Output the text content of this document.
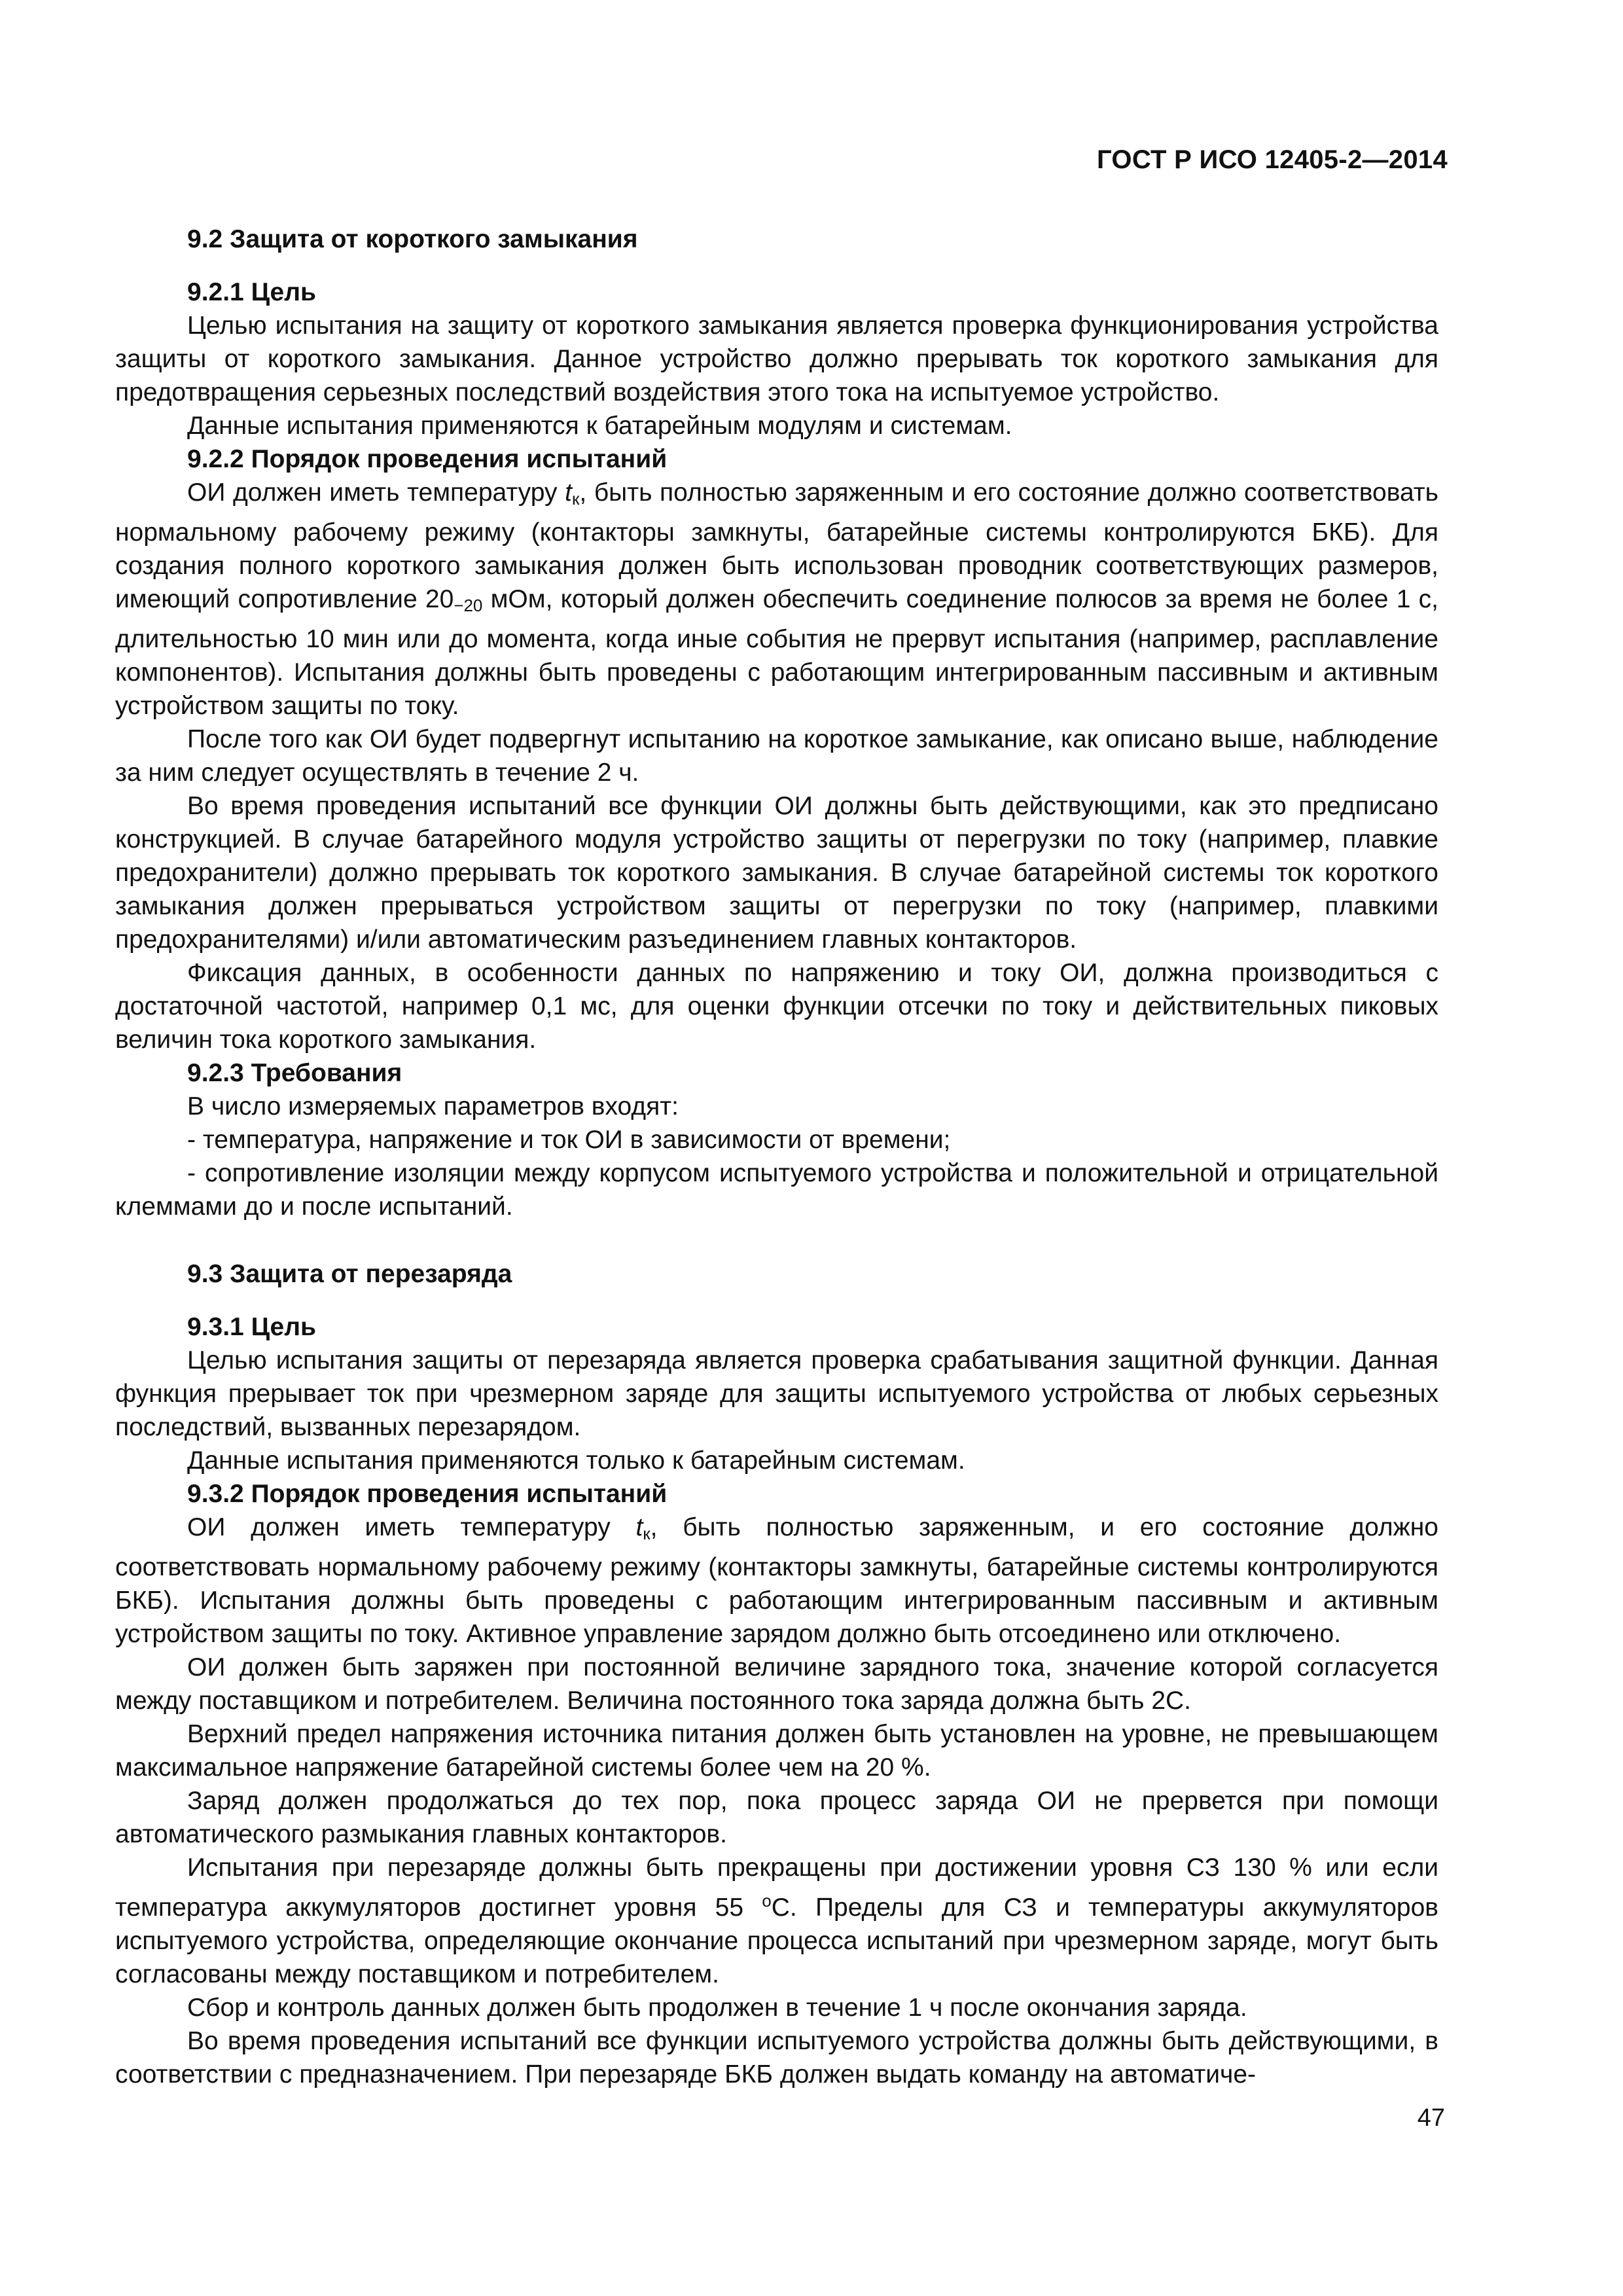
ГОСТ Р ИСО 12405-2—2014

9.2 Защита от короткого замыкания

9.2.1 Цель

Целью испытания на защиту от короткого замыкания является проверка функционирования устройства защиты от короткого замыкания. Данное устройство должно прерывать ток короткого замыкания для предотвращения серьезных последствий воздействия этого тока на испытуемое устройство.

Данные испытания применяются к батарейным модулям и системам.

9.2.2 Порядок проведения испытаний

ОИ должен иметь температуру $t_к$, быть полностью заряженным и его состояние должно соответствовать нормальному рабочему режиму (контакторы замкнуты, батарейные системы контролируются БКБ). Для создания полного короткого замыкания должен быть использован проводник соответствующих размеров, имеющий сопротивление $20_{-20}$ мОм, который должен обеспечить соединение полюсов за время не более 1 с, длительностью 10 мин или до момента, когда иные события не прервут испытания (например, расплавление компонентов). Испытания должны быть проведены с работающим интегрированным пассивным и активным устройством защиты по току.

После того как ОИ будет подвергнут испытанию на короткое замыкание, как описано выше, наблюдение за ним следует осуществлять в течение 2 ч.

Во время проведения испытаний все функции ОИ должны быть действующими, как это предписано конструкцией. В случае батарейного модуля устройство защиты от перегрузки по току (например, плавкие предохранители) должно прерывать ток короткого замыкания. В случае батарейной системы ток короткого замыкания должен прерываться устройством защиты от перегрузки по току (например, плавкими предохранителями) и/или автоматическим разъединением главных контакторов.

Фиксация данных, в особенности данных по напряжению и току ОИ, должна производиться с достаточной частотой, например 0,1 мс, для оценки функции отсечки по току и действительных пиковых величин тока короткого замыкания.

9.2.3 Требования

В число измеряемых параметров входят:

- температура, напряжение и ток ОИ в зависимости от времени;

- сопротивление изоляции между корпусом испытуемого устройства и положительной и отрицательной клеммами до и после испытаний.

9.3 Защита от перезаряда

9.3.1 Цель

Целью испытания защиты от перезаряда является проверка срабатывания защитной функции. Данная функция прерывает ток при чрезмерном заряде для защиты испытуемого устройства от любых серьезных последствий, вызванных перезарядом.

Данные испытания применяются только к батарейным системам.

9.3.2 Порядок проведения испытаний

ОИ должен иметь температуру $t_к$, быть полностью заряженным, и его состояние должно соответствовать нормальному рабочему режиму (контакторы замкнуты, батарейные системы контролируются БКБ). Испытания должны быть проведены с работающим интегрированным пассивным и активным устройством защиты по току. Активное управление зарядом должно быть отсоединено или отключено.

ОИ должен быть заряжен при постоянной величине зарядного тока, значение которой согласуется между поставщиком и потребителем. Величина постоянного тока заряда должна быть 2С.

Верхний предел напряжения источника питания должен быть установлен на уровне, не превышающем максимальное напряжение батарейной системы более чем на 20 %.

Заряд должен продолжаться до тех пор, пока процесс заряда ОИ не прервется при помощи автоматического размыкания главных контакторов.

Испытания при перезаряде должны быть прекращены при достижении уровня СЗ 130 % или если температура аккумуляторов достигнет уровня 55 $^о$С. Пределы для СЗ и температуры аккумуляторов испытуемого устройства, определяющие окончание процесса испытаний при чрезмерном заряде, могут быть согласованы между поставщиком и потребителем.

Сбор и контроль данных должен быть продолжен в течение 1 ч после окончания заряда.

Во время проведения испытаний все функции испытуемого устройства должны быть действующими, в соответствии с предназначением. При перезаряде БКБ должен выдать команду на автоматиче-

47
